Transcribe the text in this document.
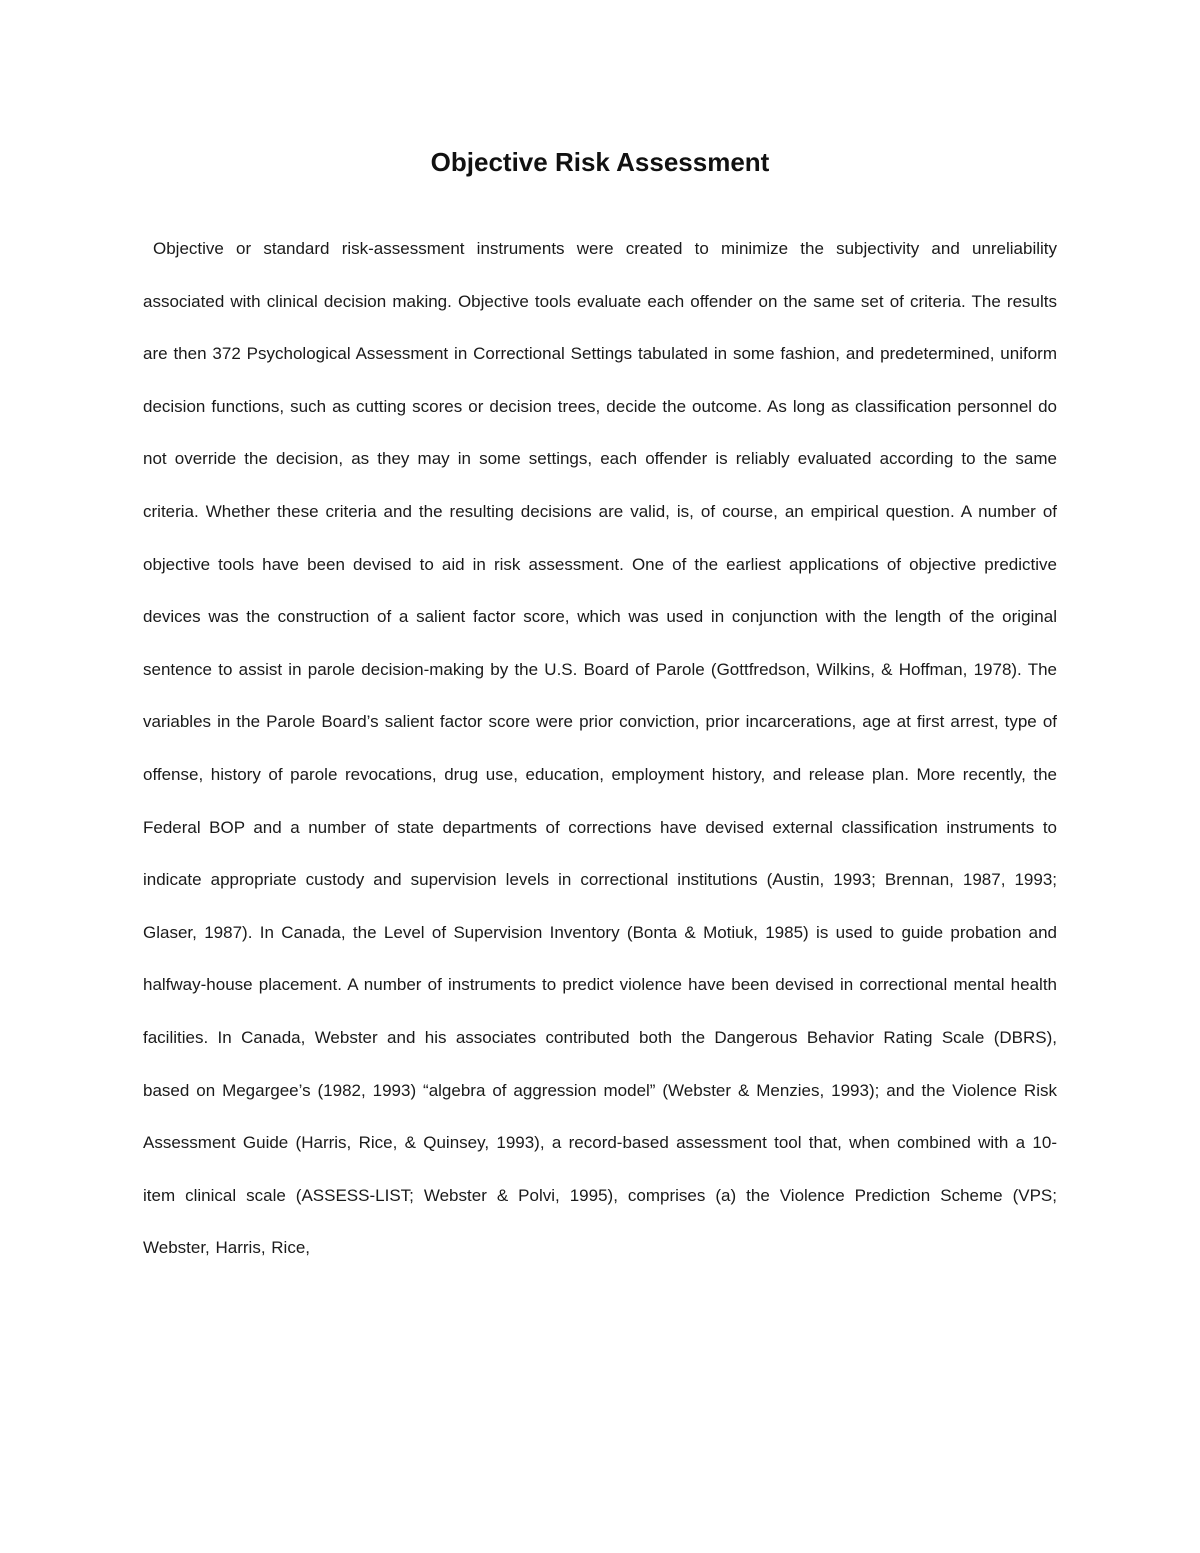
Objective Risk Assessment

Objective or standard risk-assessment instruments were created to minimize the subjectivity and unreliability associated with clinical decision making. Objective tools evaluate each offender on the same set of criteria. The results are then 372 Psychological Assessment in Correctional Settings tabulated in some fashion, and predetermined, uniform decision functions, such as cutting scores or decision trees, decide the outcome. As long as classification personnel do not override the decision, as they may in some settings, each offender is reliably evaluated according to the same criteria. Whether these criteria and the resulting decisions are valid, is, of course, an empirical question. A number of objective tools have been devised to aid in risk assessment. One of the earliest applications of objective predictive devices was the construction of a salient factor score, which was used in conjunction with the length of the original sentence to assist in parole decision-making by the U.S. Board of Parole (Gottfredson, Wilkins, & Hoffman, 1978). The variables in the Parole Board’s salient factor score were prior conviction, prior incarcerations, age at first arrest, type of offense, history of parole revocations, drug use, education, employment history, and release plan. More recently, the Federal BOP and a number of state departments of corrections have devised external classification instruments to indicate appropriate custody and supervision levels in correctional institutions (Austin, 1993; Brennan, 1987, 1993; Glaser, 1987). In Canada, the Level of Supervision Inventory (Bonta & Motiuk, 1985) is used to guide probation and halfway-house placement. A number of instruments to predict violence have been devised in correctional mental health facilities. In Canada, Webster and his associates contributed both the Dangerous Behavior Rating Scale (DBRS), based on Megargee’s (1982, 1993) “algebra of aggression model” (Webster & Menzies, 1993); and the Violence Risk Assessment Guide (Harris, Rice, & Quinsey, 1993), a record-based assessment tool that, when combined with a 10-item clinical scale (ASSESS-LIST; Webster & Polvi, 1995), comprises (a) the Violence Prediction Scheme (VPS; Webster, Harris, Rice,
